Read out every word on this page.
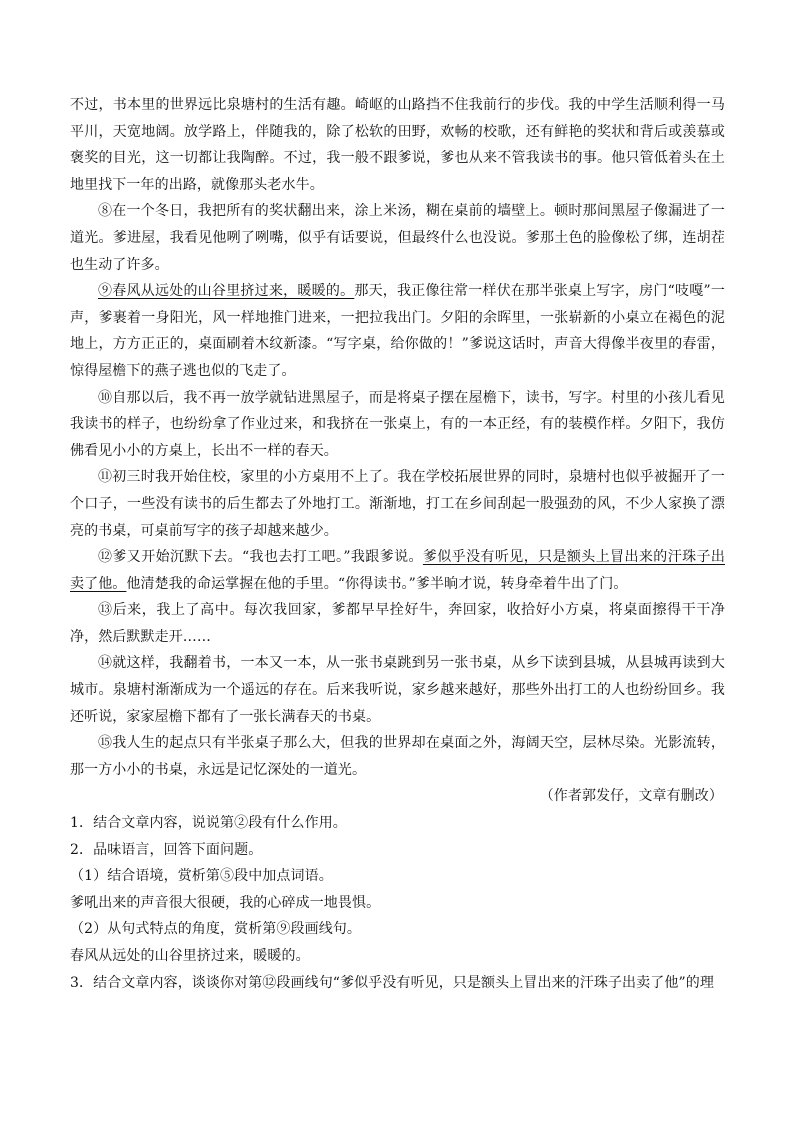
不过，书本里的世界远比泉塘村的生活有趣。崎岖的山路挡不住我前行的步伐。我的中学生活顺利得一马平川，天宽地阔。放学路上，伴随我的，除了松软的田野，欢畅的校歌，还有鲜艳的奖状和背后或羡慕或褒奖的目光，这一切都让我陶醉。不过，我一般不跟爹说，爹也从来不管我读书的事。他只管低着头在土地里找下一年的出路，就像那头老水牛。

⑧在一个冬日，我把所有的奖状翻出来，涂上米汤，糊在桌前的墙壁上。顿时那间黑屋子像漏进了一道光。爹进屋，我看见他咧了咧嘴，似乎有话要说，但最终什么也没说。爹那土色的脸像松了绑，连胡茬也生动了许多。

⑨春风从远处的山谷里挤过来，暖暖的。那天，我正像往常一样伏在那半张桌上写字，房门“吱嘎”一声，爹裹着一身阳光，风一样地推门进来，一把拉我出门。夕阳的余晖里，一张崭新的小桌立在褐色的泥地上，方方正正的，桌面刷着木纹新漆。“写字桌，给你做的！”爹说这话时，声音大得像半夜里的春雷，惊得屋檐下的燕子逃也似的飞走了。

⑩自那以后，我不再一放学就钻进黑屋子，而是将桌子摆在屋檐下，读书，写字。村里的小孩儿看见我读书的样子，也纷纷拿了作业过来，和我挤在一张桌上，有的一本正经，有的装模作样。夕阳下，我仿佛看见小小的方桌上，长出不一样的春天。

⑪初三时我开始住校，家里的小方桌用不上了。我在学校拓展世界的同时，泉塘村也似乎被掘开了一个口子，一些没有读书的后生都去了外地打工。渐渐地，打工在乡间刮起一股强劲的风，不少人家换了漂亮的书桌，可桌前写字的孩子却越来越少。

⑫爹又开始沉默下去。“我也去打工吧。”我跟爹说。爹似乎没有听见，只是额头上冒出来的汗珠子出卖了他。他清楚我的命运掌握在他的手里。“你得读书。”爹半晌才说，转身牵着牛出了门。

⑬后来，我上了高中。每次我回家，爹都早早拴好牛，奔回家，收拾好小方桌，将桌面擦得干干净净，然后默默走开……

⑭就这样，我翻着书，一本又一本，从一张书桌跳到另一张书桌，从乡下读到县城，从县城再读到大城市。泉塘村渐渐成为一个遥远的存在。后来我听说，家乡越来越好，那些外出打工的人也纷纷回乡。我还听说，家家屋檐下都有了一张长满春天的书桌。

⑮我人生的起点只有半张桌子那么大，但我的世界却在桌面之外，海阔天空，层林尽染。光影流转，那一方小小的书桌，永远是记忆深处的一道光。

（作者郭发仔，文章有删改）

1．结合文章内容，说说第②段有什么作用。

2．品味语言，回答下面问题。

（1）结合语境，赏析第⑤段中加点词语。

爹吼出来的声音很大很硬，我的心碎成一地畏惧。

（2）从句式特点的角度，赏析第⑨段画线句。

春风从远处的山谷里挤过来，暖暖的。

3．结合文章内容，谈谈你对第⑫段画线句“爹似乎没有听见，只是额头上冒出来的汗珠子出卖了他”的理
